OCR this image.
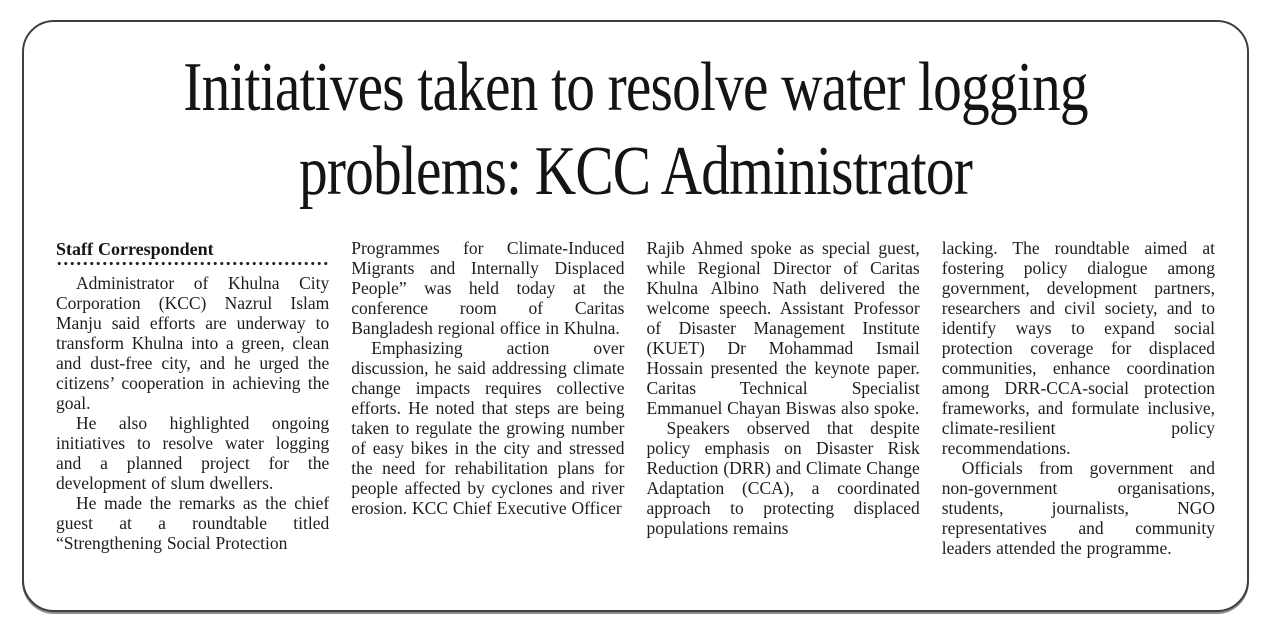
Initiatives taken to resolve water logging
problems: KCC Administrator

Staff Correspondent

Administrator of Khulna City Corporation (KCC) Nazrul Islam Manju said efforts are underway to transform Khulna into a green, clean and dust-free city, and he urged the citizens’ cooperation in achieving the goal.

He also highlighted ongoing initiatives to resolve water logging and a planned project for the development of slum dwellers.

He made the remarks as the chief guest at a roundtable titled “Strengthening Social Protection

Programmes for Climate-Induced Migrants and Internally Displaced People” was held today at the conference room of Caritas Bangladesh regional office in Khulna.

Emphasizing action over discussion, he said addressing climate change impacts requires collective efforts. He noted that steps are being taken to regulate the growing number of easy bikes in the city and stressed the need for rehabilitation plans for people affected by cyclones and river erosion. KCC Chief Executive Officer

Rajib Ahmed spoke as special guest, while Regional Director of Caritas Khulna Albino Nath delivered the welcome speech. Assistant Professor of Disaster Management Institute (KUET) Dr Mohammad Ismail Hossain presented the keynote paper. Caritas Technical Specialist Emmanuel Chayan Biswas also spoke.

Speakers observed that despite policy emphasis on Disaster Risk Reduction (DRR) and Climate Change Adaptation (CCA), a coordinated approach to protecting displaced populations remains

lacking. The roundtable aimed at fostering policy dialogue among government, development partners, researchers and civil society, and to identify ways to expand social protection coverage for displaced communities, enhance coordination among DRR-CCA-social protection frameworks, and formulate inclusive, climate-resilient policy recommendations.

Officials from government and non-government organisations, students, journalists, NGO representatives and community leaders attended the programme.
